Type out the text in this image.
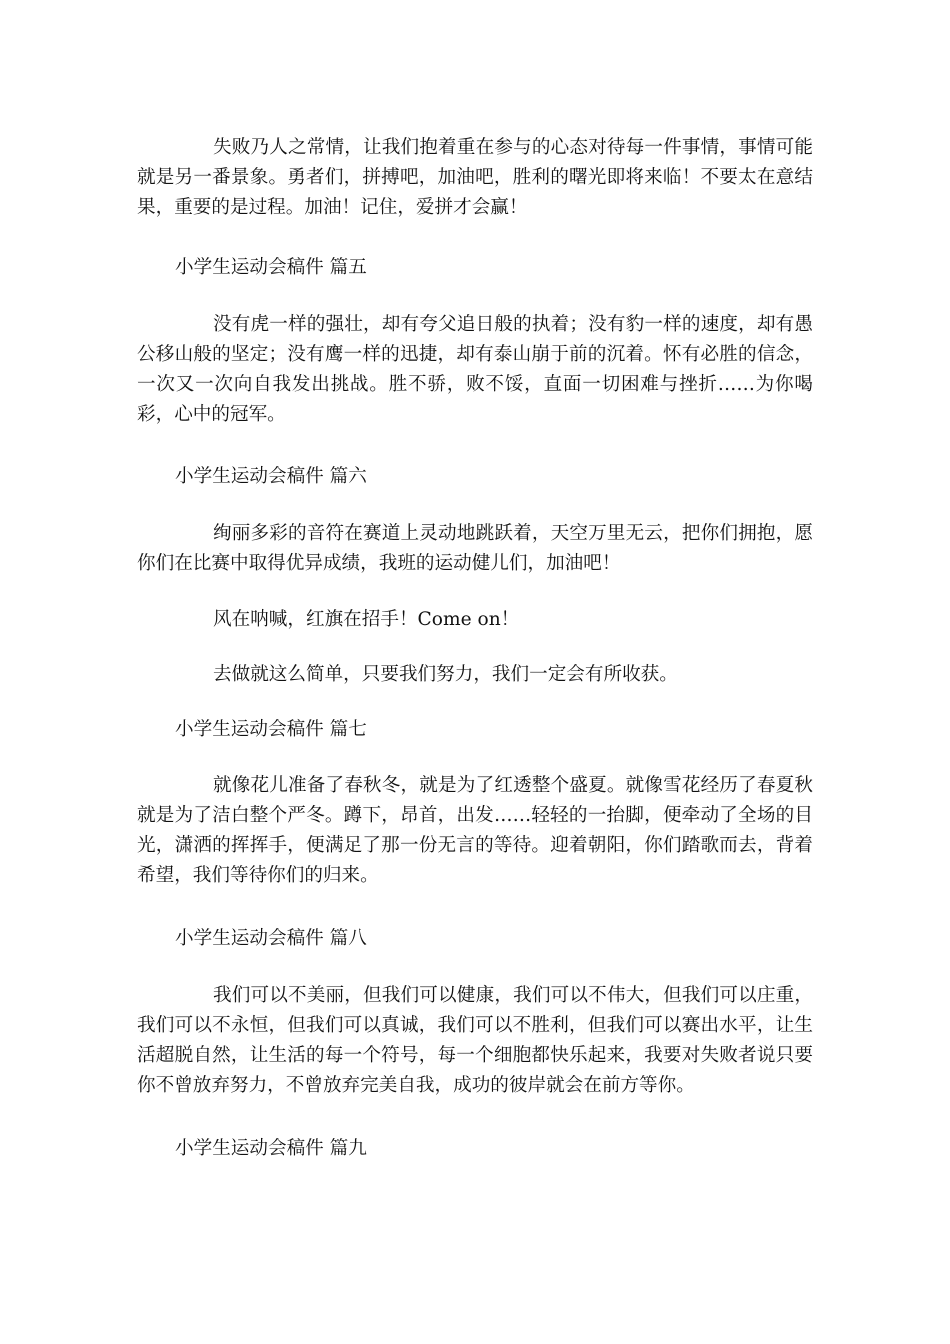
失败乃人之常情，让我们抱着重在参与的心态对待每一件事情，事情可能就是另一番景象。勇者们，拼搏吧，加油吧，胜利的曙光即将来临！不要太在意结果，重要的是过程。加油！记住，爱拼才会赢！

小学生运动会稿件 篇五

没有虎一样的强壮，却有夸父追日般的执着；没有豹一样的速度，却有愚公移山般的坚定；没有鹰一样的迅捷，却有泰山崩于前的沉着。怀有必胜的信念，一次又一次向自我发出挑战。胜不骄，败不馁，直面一切困难与挫折……为你喝彩，心中的冠军。

小学生运动会稿件 篇六

绚丽多彩的音符在赛道上灵动地跳跃着，天空万里无云，把你们拥抱，愿你们在比赛中取得优异成绩，我班的运动健儿们，加油吧！

风在呐喊，红旗在招手！Come on！

去做就这么简单，只要我们努力，我们一定会有所收获。

小学生运动会稿件 篇七

就像花儿准备了春秋冬，就是为了红透整个盛夏。就像雪花经历了春夏秋就是为了洁白整个严冬。蹲下，昂首，出发……轻轻的一抬脚，便牵动了全场的目光，潇洒的挥挥手，便满足了那一份无言的等待。迎着朝阳，你们踏歌而去，背着希望，我们等待你们的归来。

小学生运动会稿件 篇八

我们可以不美丽，但我们可以健康，我们可以不伟大，但我们可以庄重，我们可以不永恒，但我们可以真诚，我们可以不胜利，但我们可以赛出水平，让生活超脱自然，让生活的每一个符号，每一个细胞都快乐起来，我要对失败者说只要你不曾放弃努力，不曾放弃完美自我，成功的彼岸就会在前方等你。

小学生运动会稿件 篇九
